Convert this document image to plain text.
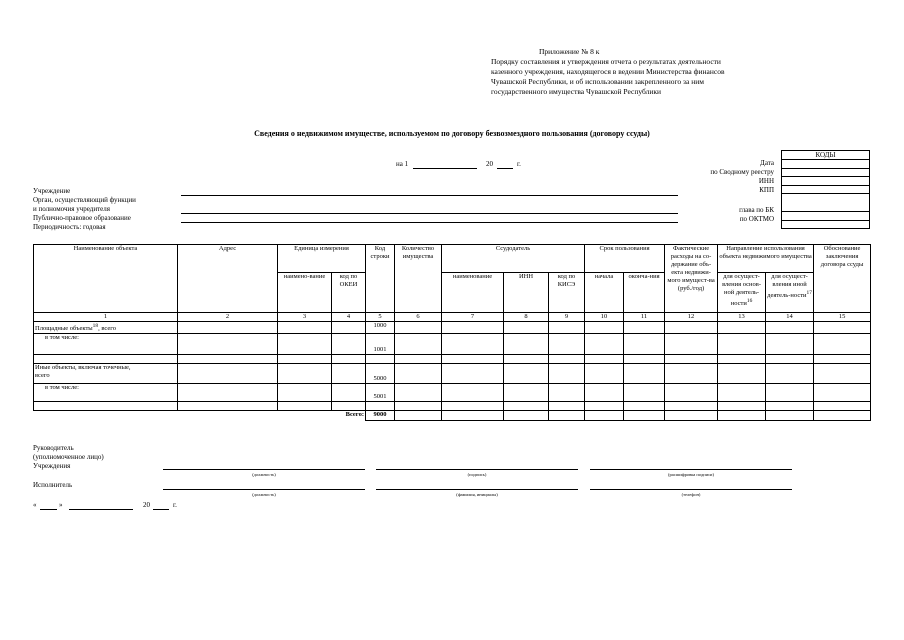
Приложение № 8 к
Порядку составления и утверждения отчета о результатах деятельности
казенного учреждения, находящегося в ведении Министерства финансов
Чувашской Республики, и об использовании закрепленного за ним
государственного имущества Чувашской Республики
Сведения о недвижимом имуществе, используемом по договору безвозмездного пользования (договору ссуды)
на 1	20	г.
КОДЫ

Дата
по Сводному реестру
ИНН
КПП
глава по БК
по ОКТМО
Учреждение
Орган, осуществляющий функции
и полномочия учредителя
Публично-правовое образование
Периодичность: годовая
Наименование объекта	Адрес	Единица измерения		Код строки	Количество имущества	Ссудодатель			Срок пользования		Фактические расходы на со-держание объ-екта недвижи-мого имущест-ва (руб./год)	Направление использования объекта недвижимого имущества		Обоснование заключения договора ссуды
		наимено-вание	код по ОКЕИ			наименование	ИНН	код по КИСЭ	начала	оконча-ния		для осущест-вления основ-ной деятель-ности$^{16}$	для осущест-вления иной деятель-ности$^{17}$
1	2	3	4	5	6	7	8	9	10	11	12	13	14	15
Площадные объекты$^{18}$, всего				1000										
в том числе:				1001										

Иные объекты, включая точечные,
всего				5000										
в том числе:				5001										

Всего:				9000										
Руководитель
(уполномоченное лицо)
Учреждения
(должность)	(подпись)	(расшифровка подписи)
Исполнитель
(должность)	(фамилия, инициалы)	(телефон)
«	»	20	г.
